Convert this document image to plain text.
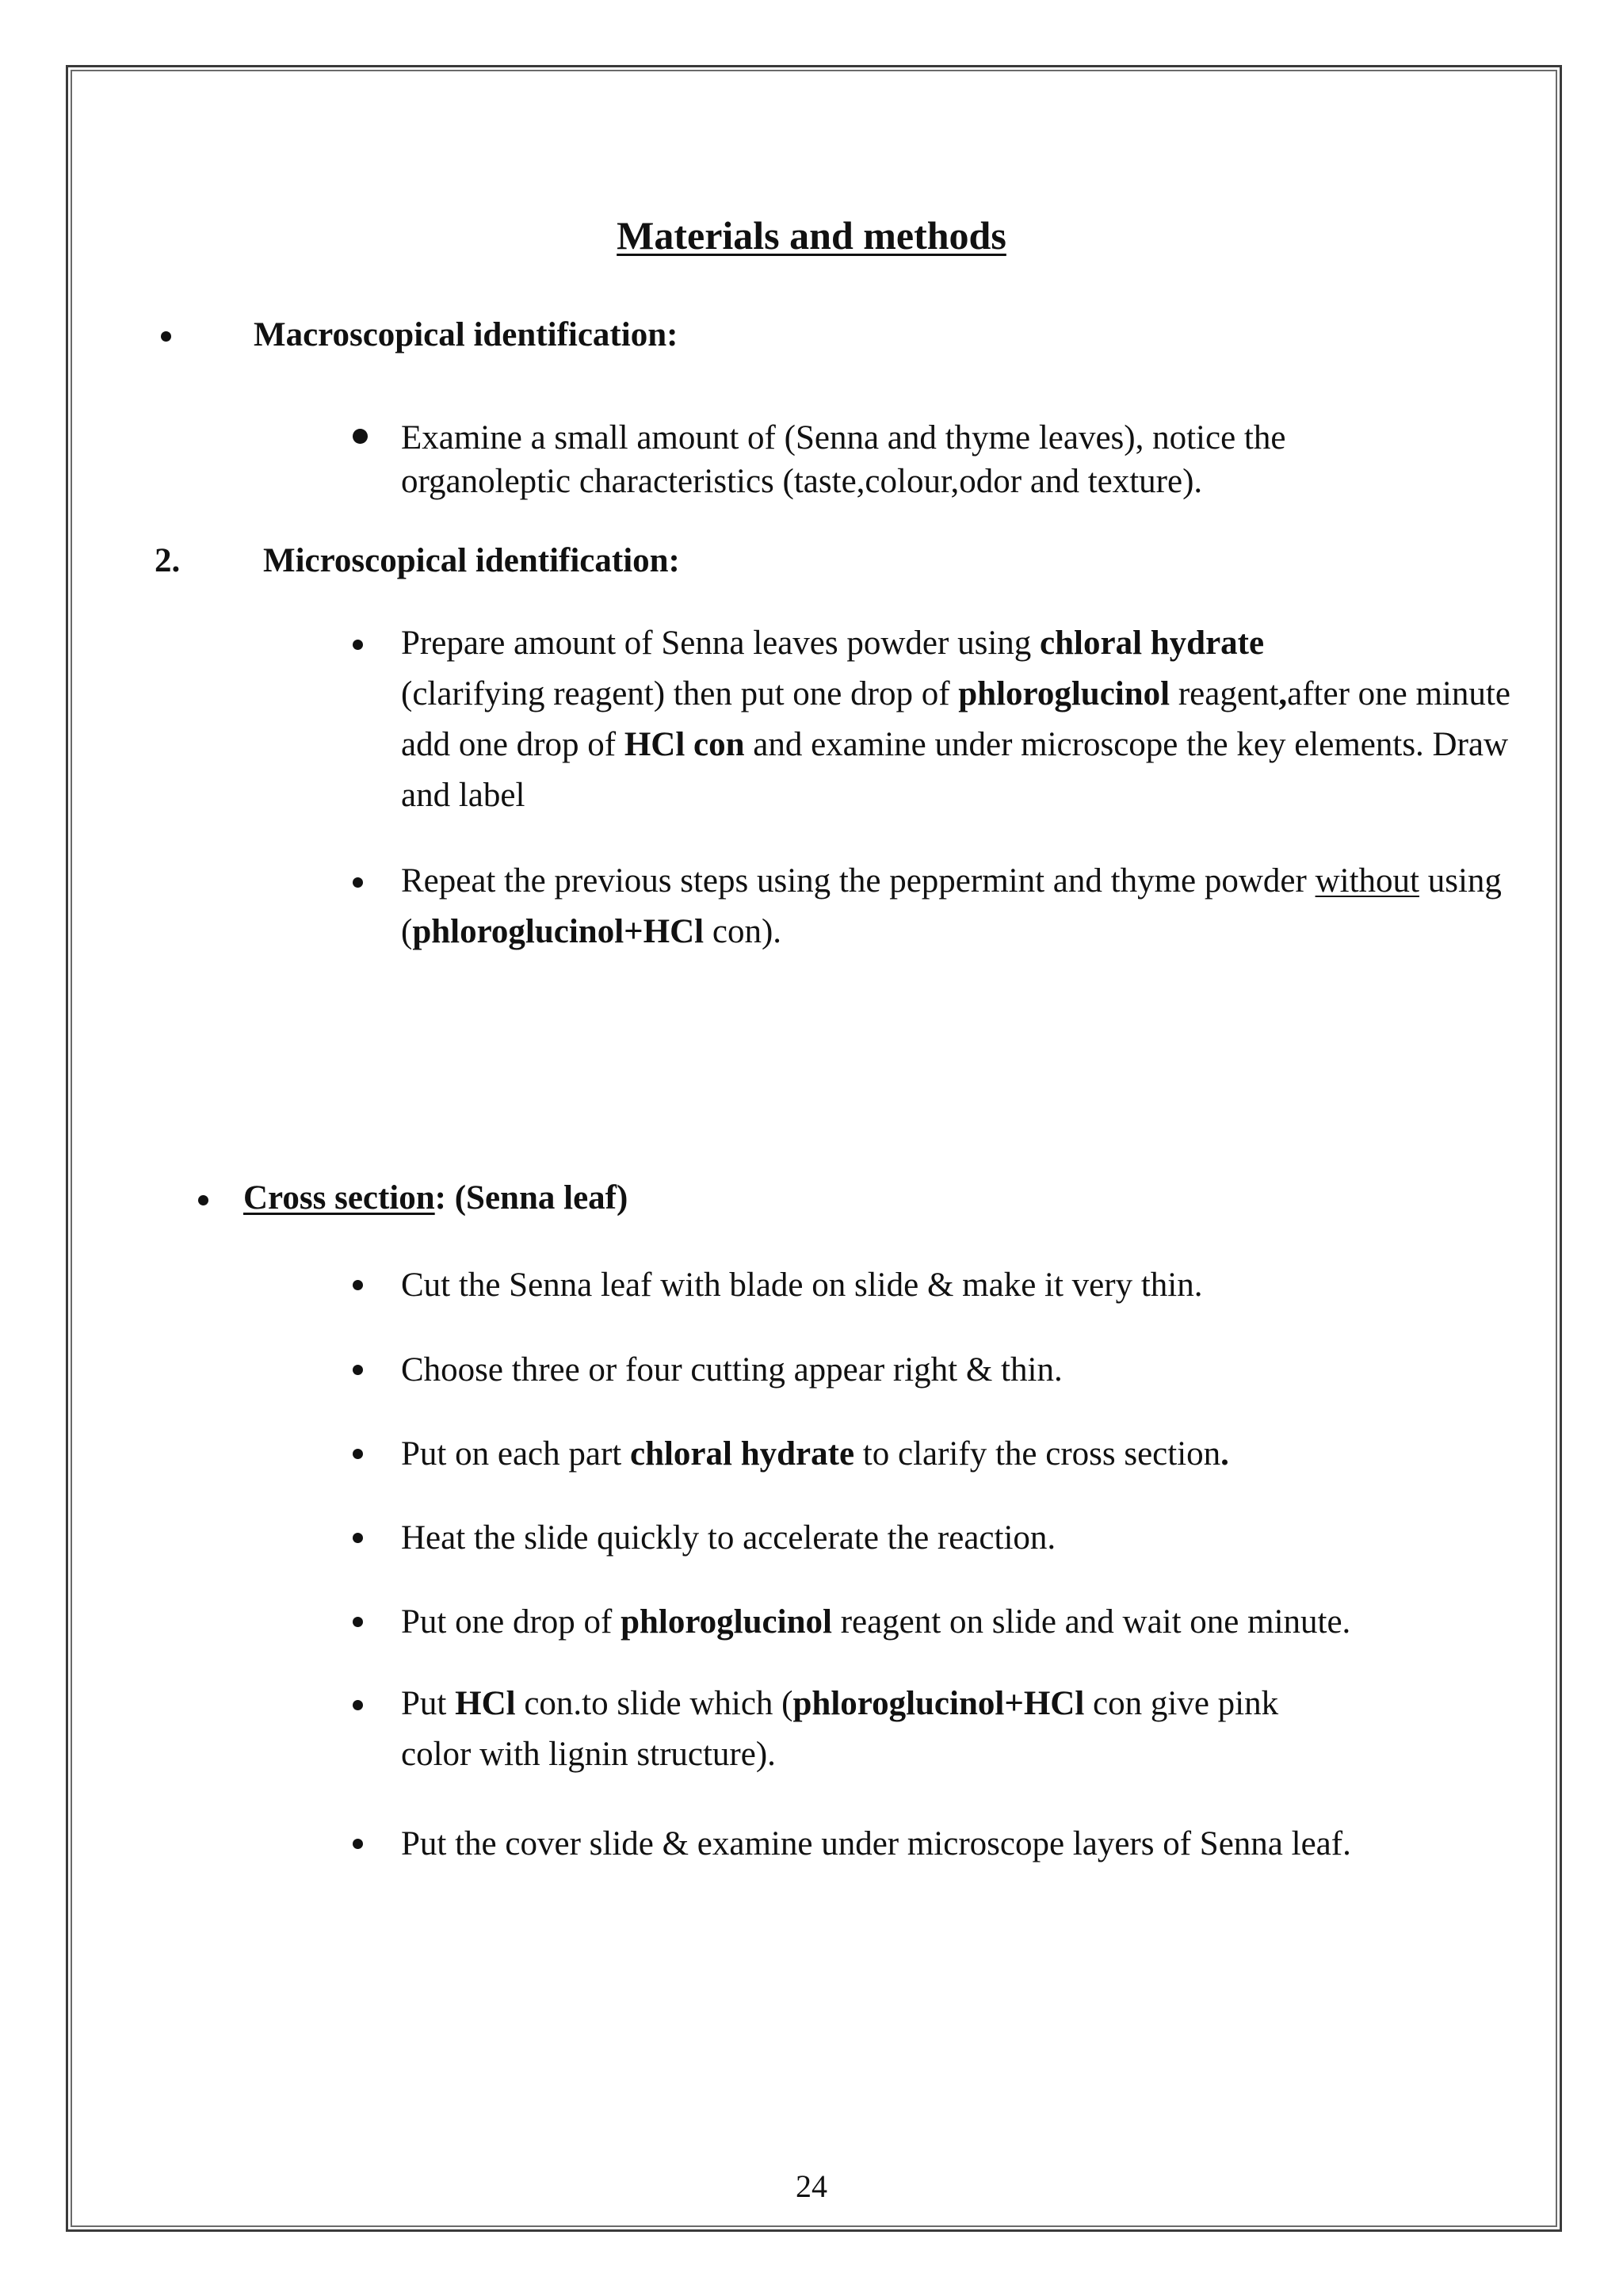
Materials and methods
Macroscopical identification:
Examine a small amount of (Senna and thyme leaves), notice the
organoleptic characteristics (taste,colour,odor and texture).
2. Microscopical identification:
Prepare amount of Senna leaves powder using chloral hydrate
(clarifying reagent) then put one drop of phloroglucinol reagent,after one minute add one drop of HCl con and examine under microscope the key elements. Draw and label
Repeat the previous steps using the peppermint and thyme powder without using (phloroglucinol+HCl con).
Cross section: (Senna leaf)
Cut the Senna leaf with blade on slide & make it very thin.
Choose three or four cutting appear right & thin.
Put on each part chloral hydrate to clarify the cross section.
Heat the slide quickly to accelerate the reaction.
Put one drop of phloroglucinol reagent on slide and wait one minute.
Put HCl con.to slide which (phloroglucinol+HCl con give pink
color with lignin structure).
Put the cover slide & examine under microscope layers of Senna leaf.
24
